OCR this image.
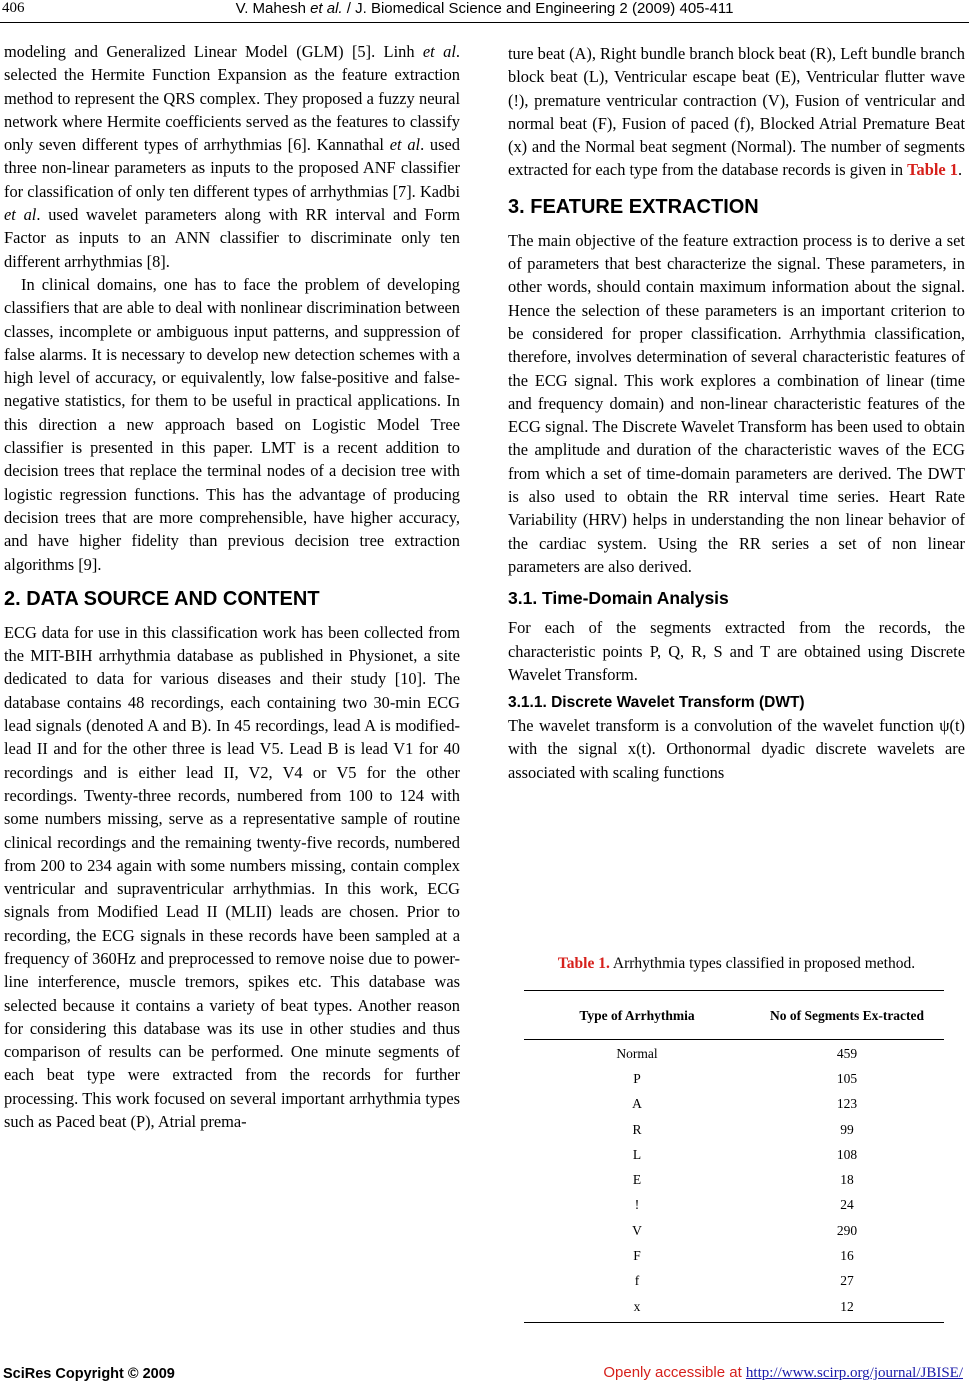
406	V. Mahesh et al. / J. Biomedical Science and Engineering 2 (2009) 405-411

modeling and Generalized Linear Model (GLM) [5]. Linh et al. selected the Hermite Function Expansion as the feature extraction method to represent the QRS complex. They proposed a fuzzy neural network where Hermite coefficients served as the features to classify only seven different types of arrhythmias [6]. Kannathal et al. used three non-linear parameters as inputs to the proposed ANF classifier for classification of only ten different types of arrhythmias [7]. Kadbi et al. used wavelet parameters along with RR interval and Form Factor as inputs to an ANN classifier to discriminate only ten different arrhythmias [8].

In clinical domains, one has to face the problem of developing classifiers that are able to deal with nonlinear discrimination between classes, incomplete or ambiguous input patterns, and suppression of false alarms. It is necessary to develop new detection schemes with a high level of accuracy, or equivalently, low false-positive and false-negative statistics, for them to be useful in practical applications. In this direction a new approach based on Logistic Model Tree classifier is presented in this paper. LMT is a recent addition to decision trees that replace the terminal nodes of a decision tree with logistic regression functions. This has the advantage of producing decision trees that are more comprehensible, have higher accuracy, and have higher fidelity than previous decision tree extraction algorithms [9].

2. DATA SOURCE AND CONTENT

ECG data for use in this classification work has been collected from the MIT-BIH arrhythmia database as published in Physionet, a site dedicated to data for various diseases and their study [10]. The database contains 48 recordings, each containing two 30-min ECG lead signals (denoted A and B). In 45 recordings, lead A is modified-lead II and for the other three is lead V5. Lead B is lead V1 for 40 recordings and is either lead II, V2, V4 or V5 for the other recordings. Twenty-three records, numbered from 100 to 124 with some numbers missing, serve as a representative sample of routine clinical recordings and the remaining twenty-five records, numbered from 200 to 234 again with some numbers missing, contain complex ventricular and supraventricular arrhythmias. In this work, ECG signals from Modified Lead II (MLII) leads are chosen. Prior to recording, the ECG signals in these records have been sampled at a frequency of 360Hz and preprocessed to remove noise due to power-line interference, muscle tremors, spikes etc. This database was selected because it contains a variety of beat types. Another reason for considering this database was its use in other studies and thus comparison of results can be performed. One minute segments of each beat type were extracted from the records for further processing. This work focused on several important arrhythmia types such as Paced beat (P), Atrial prema-

ture beat (A), Right bundle branch block beat (R), Left bundle branch block beat (L), Ventricular escape beat (E), Ventricular flutter wave (!), premature ventricular contraction (V), Fusion of ventricular and normal beat (F), Fusion of paced (f), Blocked Atrial Premature Beat (x) and the Normal beat segment (Normal). The number of segments extracted for each type from the database records is given in Table 1.

3. FEATURE EXTRACTION

The main objective of the feature extraction process is to derive a set of parameters that best characterize the signal. These parameters, in other words, should contain maximum information about the signal. Hence the selection of these parameters is an important criterion to be considered for proper classification. Arrhythmia classification, therefore, involves determination of several characteristic features of the ECG signal. This work explores a combination of linear (time and frequency domain) and non-linear characteristic features of the ECG signal. The Discrete Wavelet Transform has been used to obtain the amplitude and duration of the characteristic waves of the ECG from which a set of time-domain parameters are derived. The DWT is also used to obtain the RR interval time series. Heart Rate Variability (HRV) helps in understanding the non linear behavior of the cardiac system. Using the RR series a set of non linear parameters are also derived.

3.1. Time-Domain Analysis

For each of the segments extracted from the records, the characteristic points P, Q, R, S and T are obtained using Discrete Wavelet Transform.

3.1.1. Discrete Wavelet Transform (DWT)

The wavelet transform is a convolution of the wavelet function ψ(t) with the signal x(t). Orthonormal dyadic discrete wavelets are associated with scaling functions

Table 1. Arrhythmia types classified in proposed method.
Type of Arrhythmia	No of Segments Ex-tracted
Normal	459
P	105
A	123
R	99
L	108
E	18
!	24
V	290
F	16
f	27
x	12
SciRes Copyright © 2009	Openly accessible at http://www.scirp.org/journal/JBISE/
